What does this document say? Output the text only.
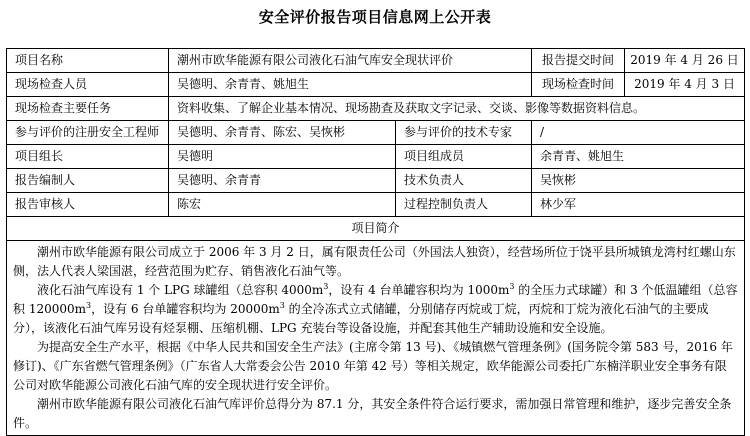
安全评价报告项目信息网上公开表
项目名称	潮州市欧华能源有限公司液化石油气库安全现状评价		报告提交时间	2019 年 4 月 26 日
现场检查人员	吴德明、余青青、姚旭生		现场检查时间	2019 年 4 月 3 日
现场检查主要任务	资料收集、了解企业基本情况、现场勘查及获取文字记录、交谈、影像等数据资料信息。			
参与评价的注册安全工程师	吴德明、余青青、陈宏、吴恢彬	参与评价的技术专家	/	
项目组长	吴德明	项目组成员	余青青、姚旭生	
报告编制人	吴德明、余青青	技术负责人	吴恢彬	
报告审核人	陈宏	过程控制负责人	林少军	
项目简介				

潮州市欧华能源有限公司成立于 2006 年 3 月 2 日，属有限责任公司（外国法人独资），经营场所位于饶平县所城镇龙湾村红螺山东侧，法人代表人梁国湛，经营范围为贮存、销售液化石油气等。

液化石油气库设有 1 个 LPG 球罐组（总容积 $4000m^3$，设有 4 台单罐容积均为 $1000m^3$ 的全压力式球罐）和 3 个低温罐组（总容积 $120000m^3$，设有 6 台单罐容积均为 $20000m^3$ 的全冷冻式立式储罐，分别储存丙烷或丁烷，丙烷和丁烷为液化石油气的主要成分），该液化石油气库另设有烃泵棚、压缩机棚、LPG 充装台等设备设施，并配套其他生产辅助设施和安全设施。

为提高安全生产水平，根据《中华人民共和国安全生产法》(主席令第 13 号)、《城镇燃气管理条例》(国务院令第 583 号，2016 年修订)、《广东省燃气管理条例》（广东省人大常委会公告 2010 年第 42 号）等相关规定，欧华能源公司委托广东楠洋职业安全事务有限公司对欧华能源公司液化石油气库的安全现状进行安全评价。

潮州市欧华能源有限公司液化石油气库评价总得分为 87.1 分，其安全条件符合运行要求，需加强日常管理和维护，逐步完善安全条件。				
